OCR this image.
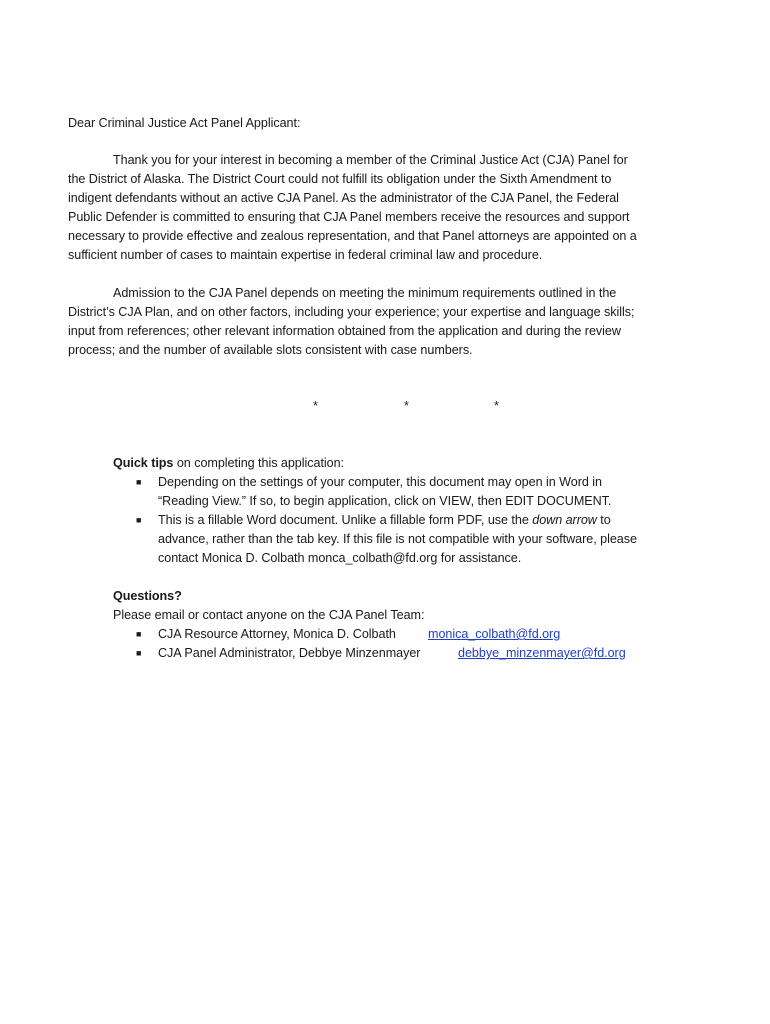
Dear Criminal Justice Act Panel Applicant:
Thank you for your interest in becoming a member of the Criminal Justice Act (CJA) Panel for
the District of Alaska. The District Court could not fulfill its obligation under the Sixth Amendment to
indigent defendants without an active CJA Panel. As the administrator of the CJA Panel, the Federal
Public Defender is committed to ensuring that CJA Panel members receive the resources and support
necessary to provide effective and zealous representation, and that Panel attorneys are appointed on a
sufficient number of cases to maintain expertise in federal criminal law and procedure.
Admission to the CJA Panel depends on meeting the minimum requirements outlined in the
District’s CJA Plan, and on other factors, including your experience; your expertise and language skills;
input from references; other relevant information obtained from the application and during the review
process; and the number of available slots consistent with case numbers.
*	*	*
Quick tips on completing this application:
■ Depending on the settings of your computer, this document may open in Word in
“Reading View.” If so, to begin application, click on VIEW, then EDIT DOCUMENT.
■ This is a fillable Word document. Unlike a fillable form PDF, use the down arrow to
advance, rather than the tab key. If this file is not compatible with your software, please
contact Monica D. Colbath monca_colbath@fd.org for assistance.
Questions?
Please email or contact anyone on the CJA Panel Team:
■ CJA Resource Attorney, Monica D. Colbath	monica_colbath@fd.org
■ CJA Panel Administrator, Debbye Minzenmayer	debbye_minzenmayer@fd.org
